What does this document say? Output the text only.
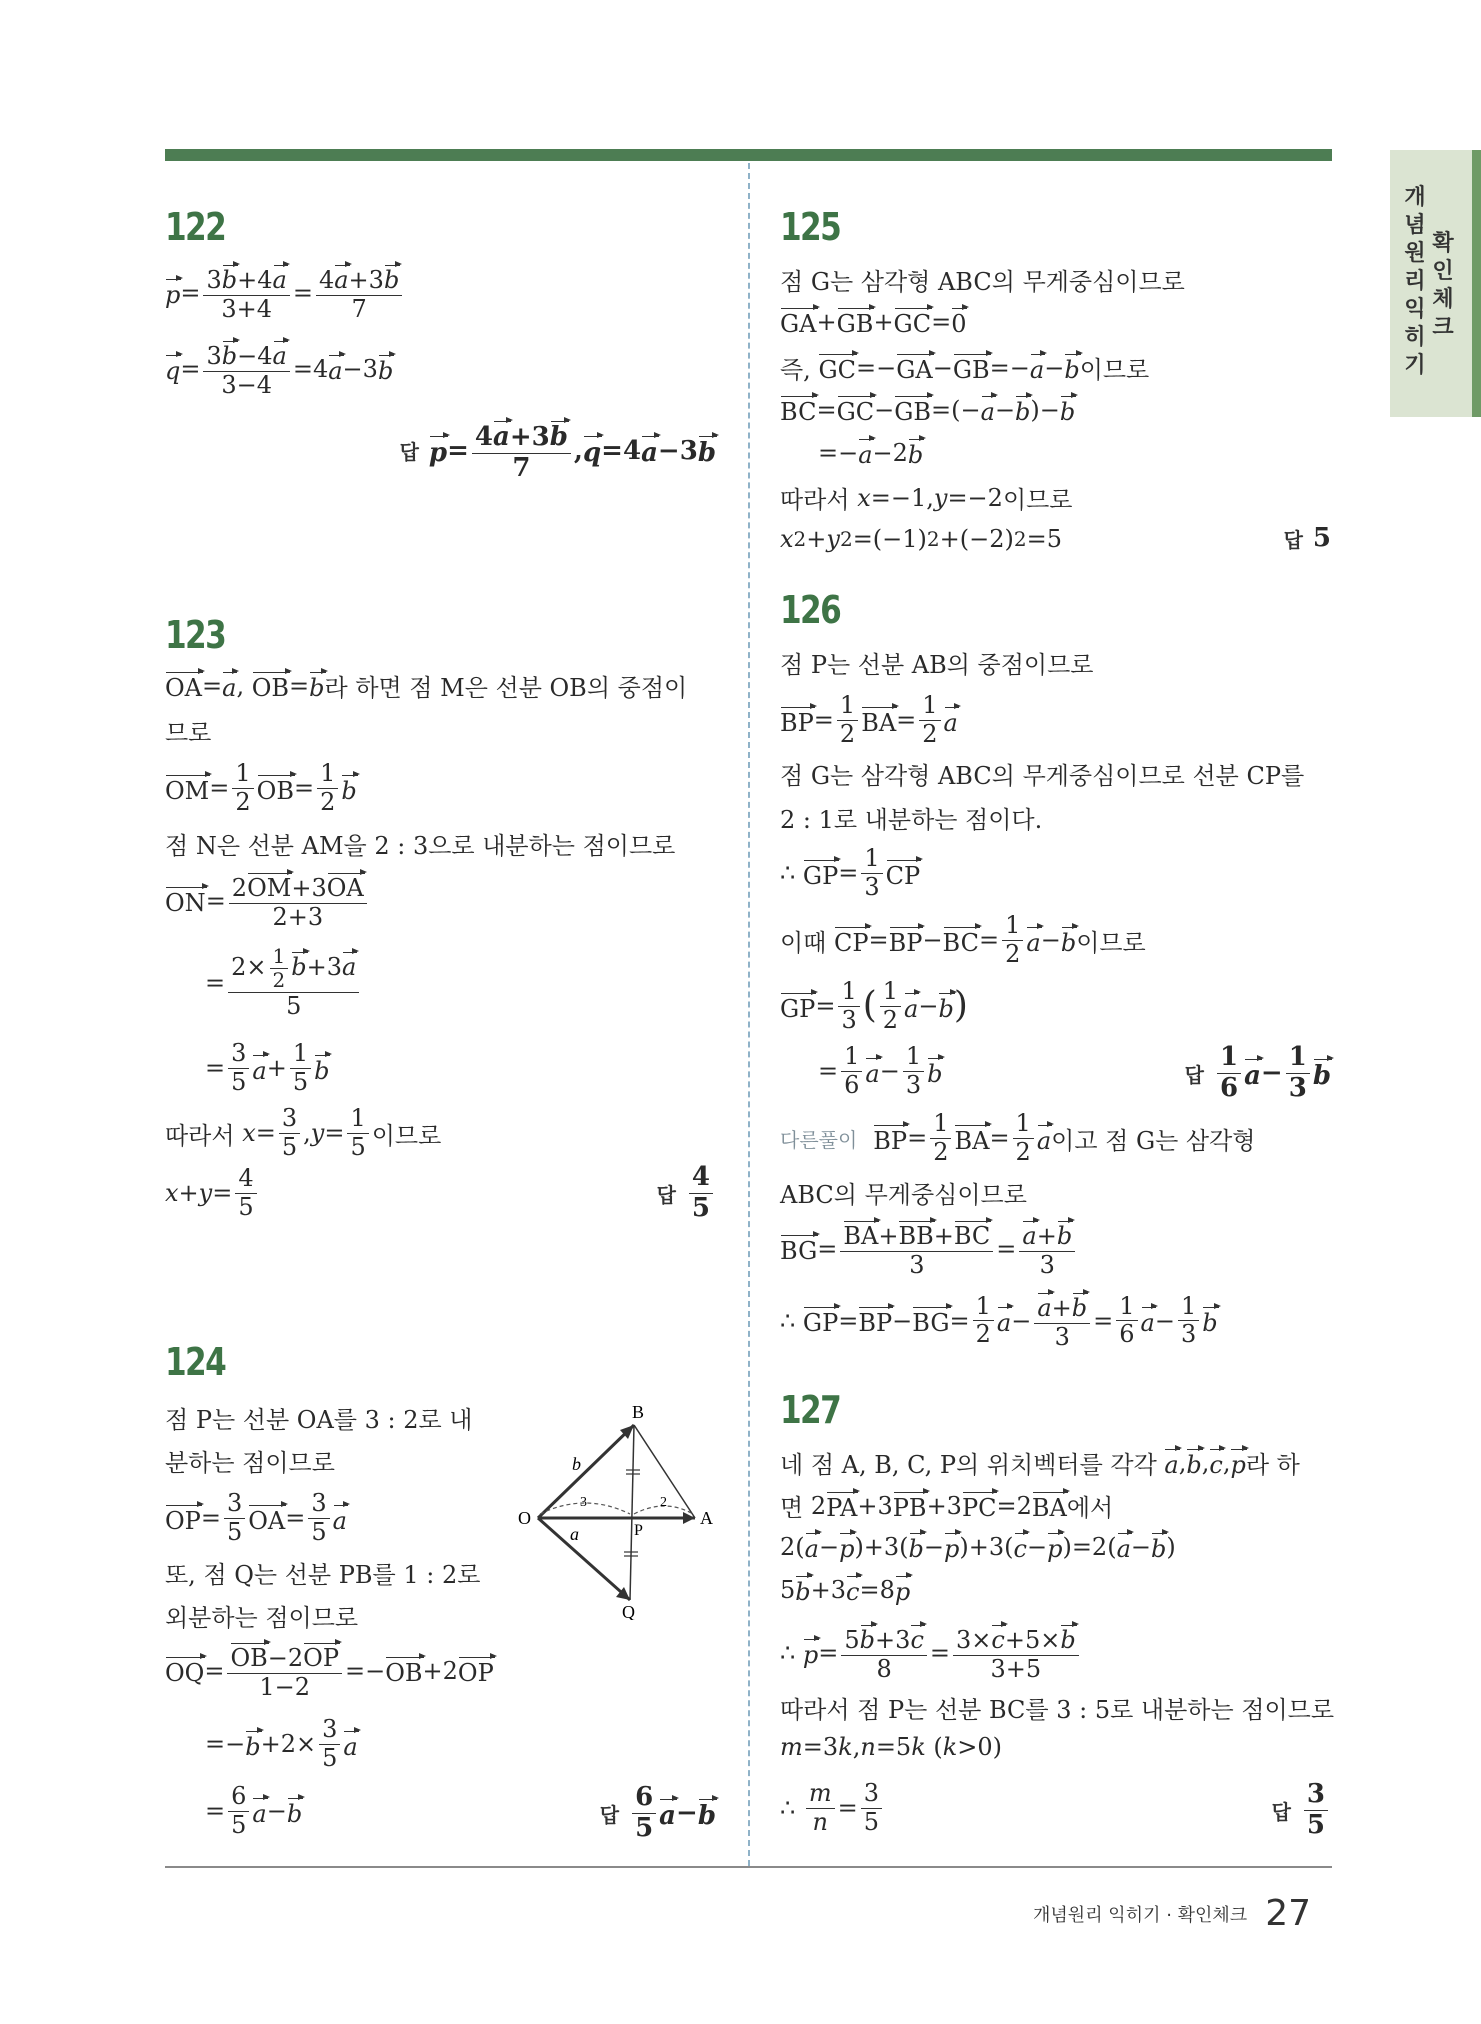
개
념
원
리
익
히
기
확
인
체
크
개념원리 익히기 · 확인체크 27
122
p = 3b+4a
3+4
= 4a+3b
7
q = 3b−4a
3−4
=4 a −3 b
답 p = 4a+3b
7
, q =4 a −3 b
123
OA = a , OB = b 라 하면 점 M은 선분 OB의 중점이
므로
OM =
1
2 OB =
1
2 b
점 N은 선분 AM을 2 : 3으로 내분하는 점이므로
ON = 2OM+3OA
2+3
=
$2\times \frac{1}{2} b+3a$
5
=
3
5 a +
1
5 b
따라서
x =
3
5 , y =
1
5 이므로
x + y =
4
5	답
4
5
124
점 P는 선분 OA를 3 : 2로 내
분하는 점이므로
OP =
3
5 OA =
3
5 a
또, 점 Q는 선분 PB를 1 : 2로
외분하는 점이므로
OQ = OB−2OP
1−2
=− OB +2 OP
=− b +2×
3
5 a
=
6
5 a − b	답
6
5 a − b
O	A
B
P
Q
a
b
3	2
125
점 G는 삼각형 ABC의 무게중심이므로
GA + GB + GC = 0
즉,
GC =− GA − GB =− a − b 이므로
BC = GC − GB =(− a − b )− b
=− a −2 b
따라서
x =−1, y =−2 이므로
x 2 + y 2 =(−1) 2 +(−2) 2 =5	답 5
126
점 P는 선분 AB의 중점이므로
BP =
1
2 BA =
1
2 a
점 G는 삼각형 ABC의 무게중심이므로 선분 CP를
2 : 1로 내분하는 점이다.
∴ GP =
1
3 CP
이때
CP = BP − BC =
1
2 a − b 이므로
GP =
1
3 ( 1
2 a − b )
=
1
6 a −
1
3 b	답
1
6 a −
1
3 b
다른풀이 BP =
1
2 BA =
1
2 a 이고 점 G는 삼각형
ABC의 무게중심이므로
BG = BA+BB+BC
3
= a+b
3
∴ GP = BP − BG =
1
2 a − a+b
3
=
1
6 a −
1
3 b
127
네 점 A, B, C, P의 위치벡터를 각각
a , b , c , p 라 하
면 2 PA +3 PB +3 PC =2 BA 에서
2( a − p )+3( b − p )+3( c − p )=2( a − b )
5 b +3 c =8 p
∴ p = 5b+3c
8
= 3×c+5×b
3+5
따라서 점 P는 선분 BC를 3 : 5로 내분하는 점이므로
m =3 k , n =5 k ( k >0)
∴
m
n =
3
5	답
3
5
